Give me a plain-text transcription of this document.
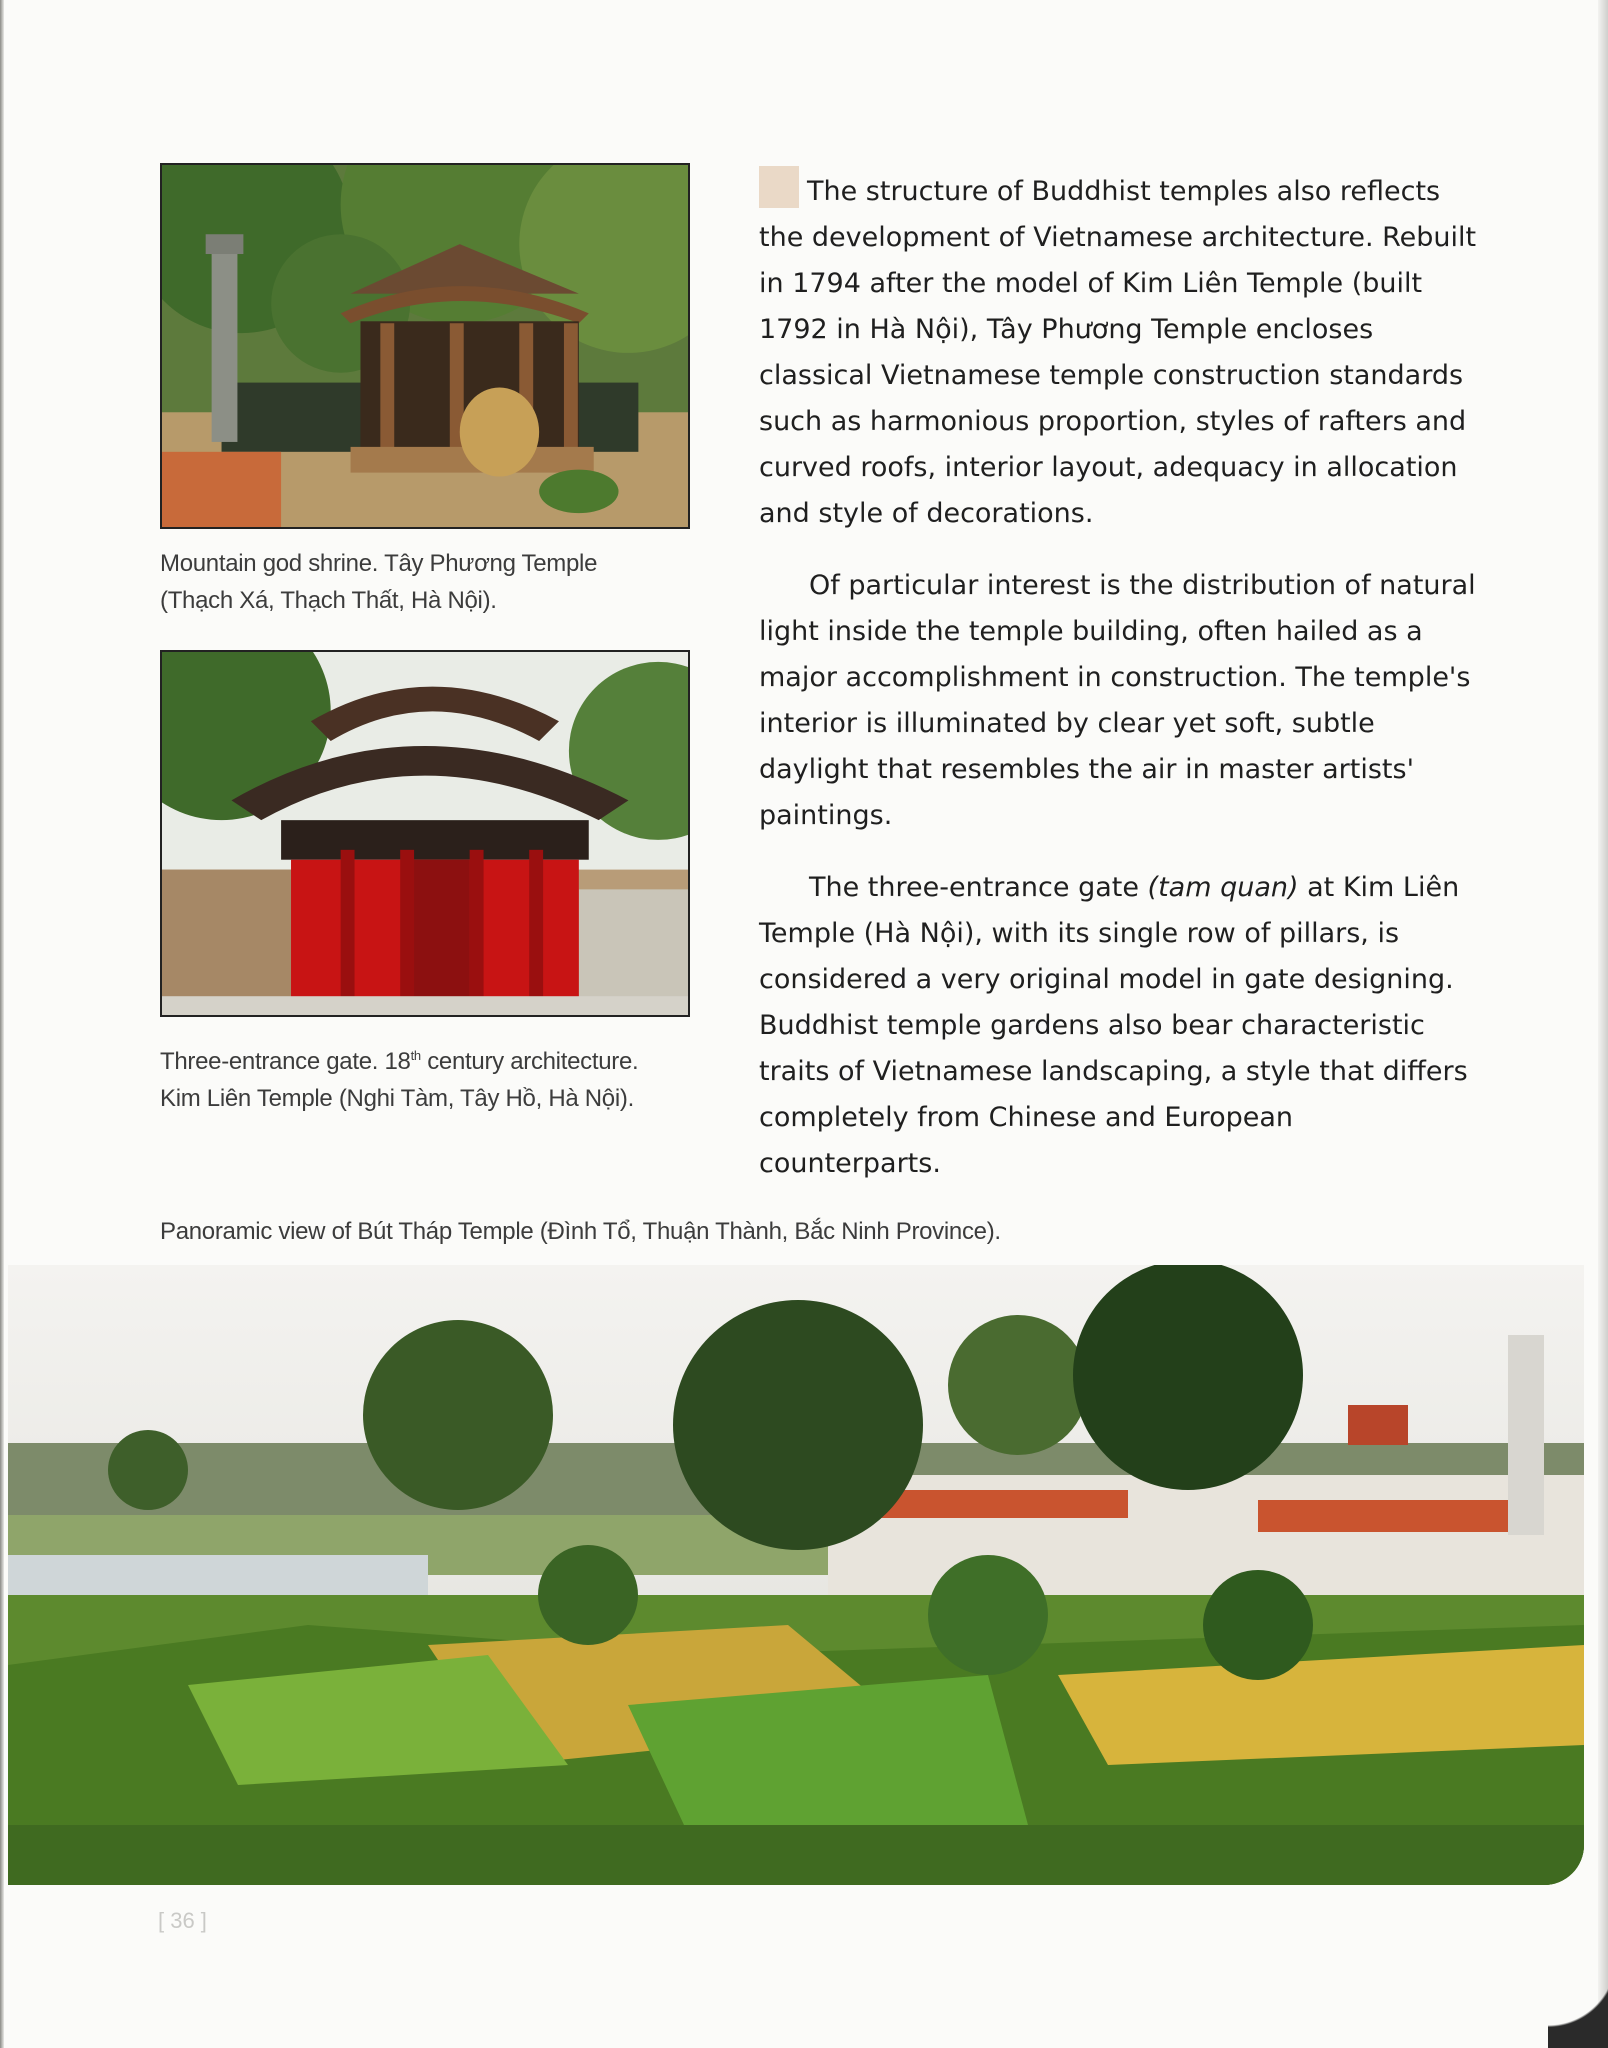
Mountain god shrine. Tây Phương Temple
(Thạch Xá, Thạch Thất, Hà Nội).
Three-entrance gate. 18th century architecture.
Kim Liên Temple (Nghi Tàm, Tây Hồ, Hà Nội).

The structure of Buddhist temples also reflects the development of Vietnamese architecture. Rebuilt in 1794 after the model of Kim Liên Temple (built 1792 in Hà Nội), Tây Phương Temple encloses classical Vietnamese temple construction standards such as harmonious proportion, styles of rafters and curved roofs, interior layout, adequacy in allocation and style of decorations.

Of particular interest is the distribution of natural light inside the temple building, often hailed as a major accomplishment in construction. The temple's interior is illuminated by clear yet soft, subtle daylight that resembles the air in master artists' paintings.

The three-entrance gate (tam quan) at Kim Liên Temple (Hà Nội), with its single row of pillars, is considered a very original model in gate designing. Buddhist temple gardens also bear characteristic traits of Vietnamese landscaping, a style that differs completely from Chinese and European counterparts.

Panoramic view of Bút Tháp Temple (Đình Tổ, Thuận Thành, Bắc Ninh Province).
[ 36 ]
